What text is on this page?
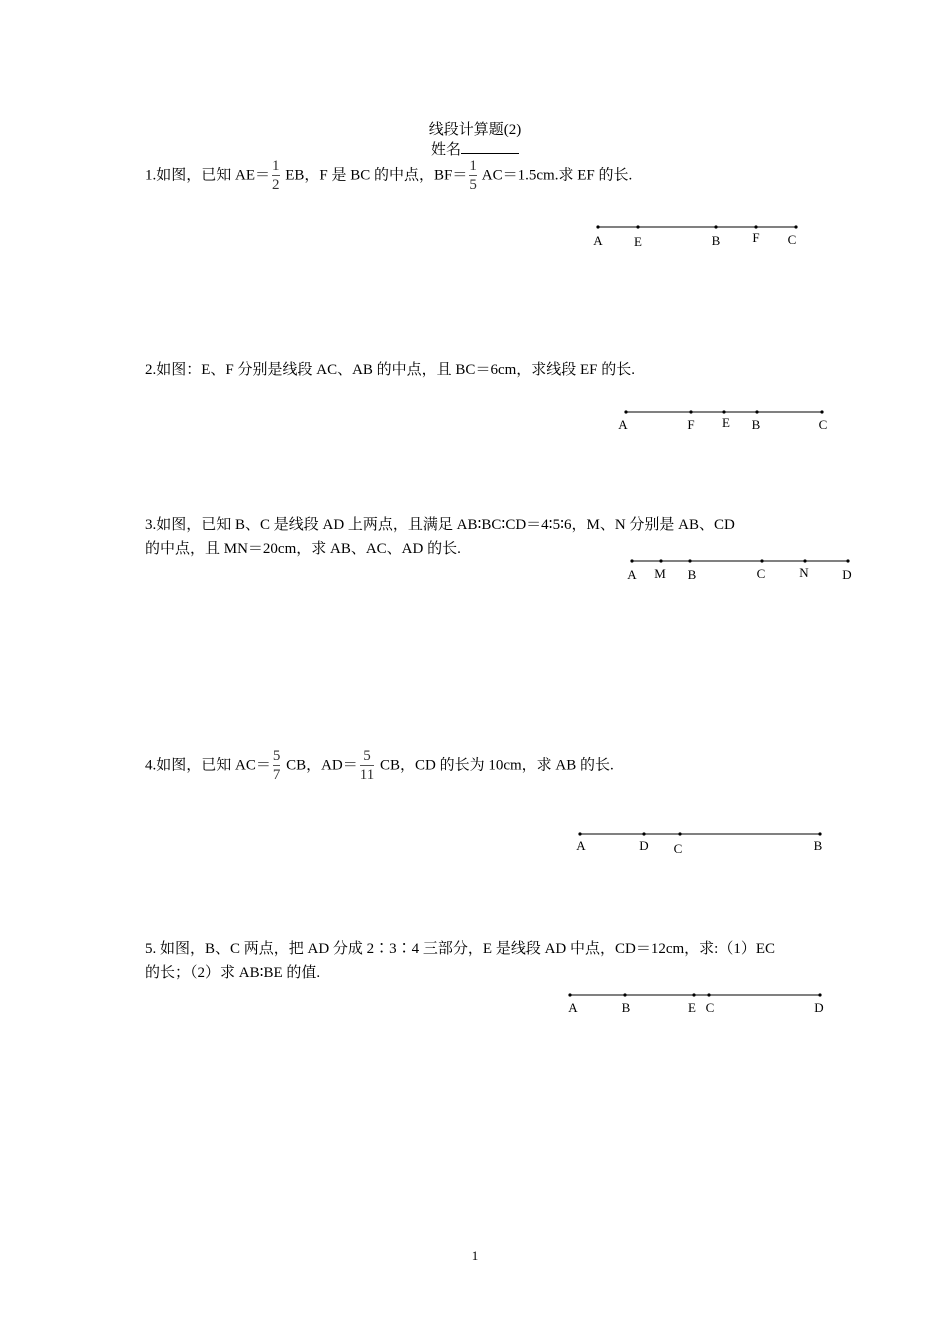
线段计算题(2)
姓名
1.如图，已知 $AE= \frac{1}{2}$ EB，F 是 BC 的中点，$BF= \frac{1}{5} AC=1.5cm$.求 EF 的长.
A E	B F C
2.如图：E、F 分别是线段 AC、AB 的中点，且 BC＝6cm，求线段 EF 的长.
A	F E B	C
3.如图，已知 B、C 是线段 AD 上两点，且满足 AB∶BC∶CD＝4∶5∶6，M、N 分别是 AB、CD
的中点，且 MN＝20cm，求 AB、AC、AD 的长.
A M B	C	N	D
4.如图，已知 $AC= \frac{5}{7}$ CB，$AD= \frac{5}{11}$ CB，CD 的长为 10cm，求 AB 的长.
A	D C	B
5. 如图，B、C 两点，把 AD 分成 2∶3∶4 三部分，E 是线段 AD 中点，CD＝12cm，求:（1）EC
的长；（2）求 AB∶BE 的值.
A	B	E C	D
1
